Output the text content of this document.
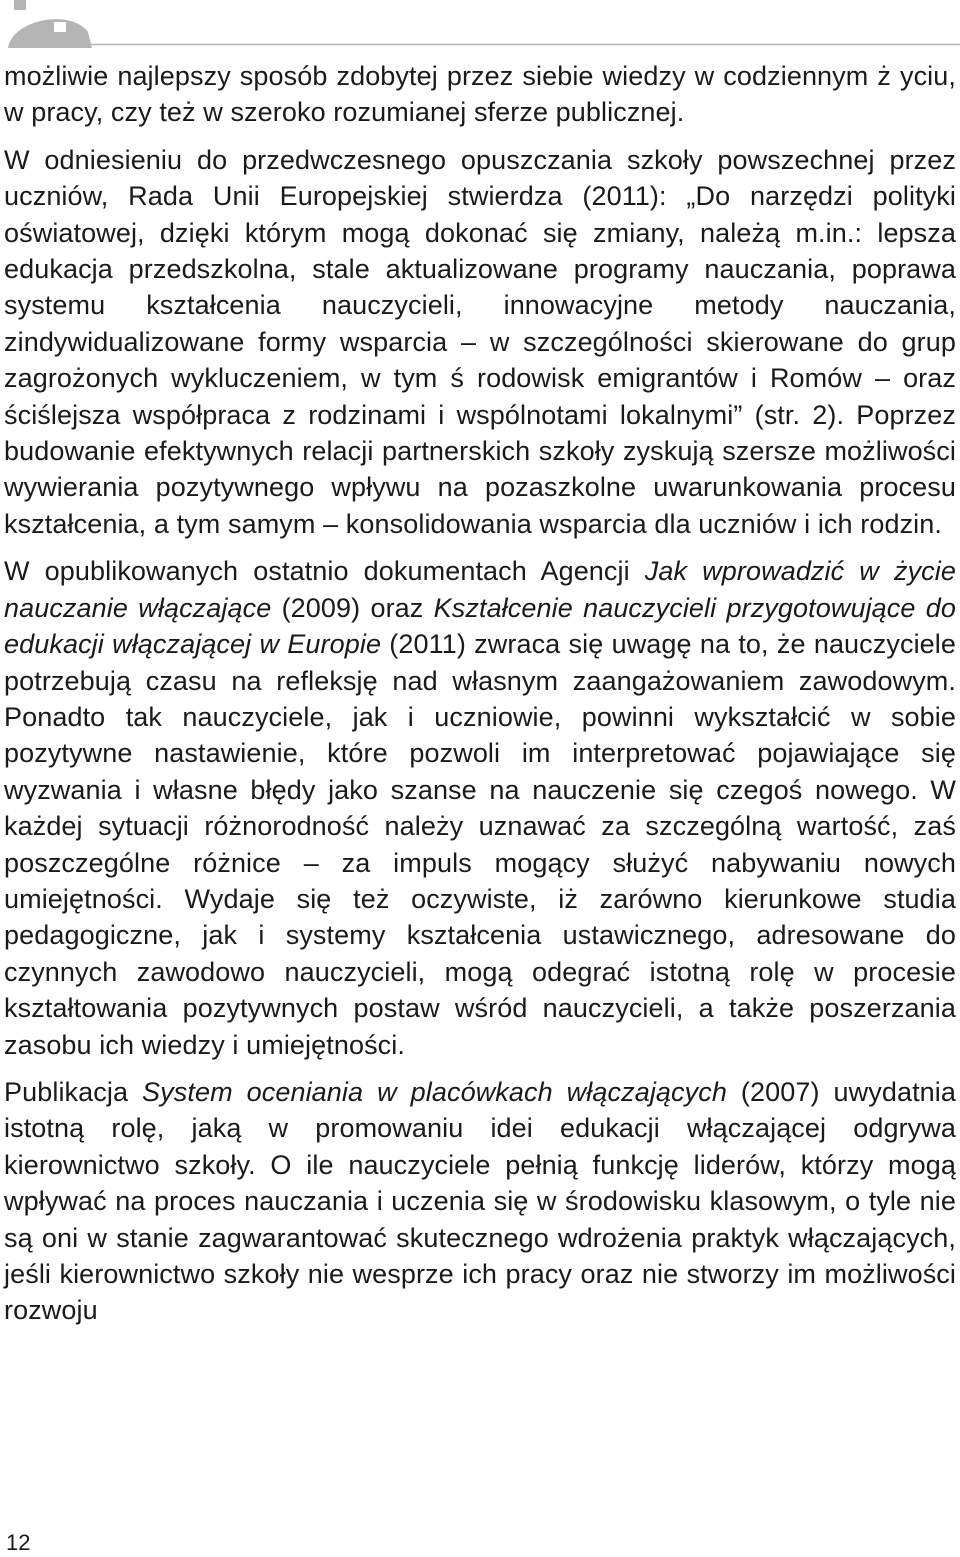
możliwie najlepszy sposób zdobytej przez siebie wiedzy w codziennym ż yciu, w pracy, czy też w szeroko rozumianej sferze publicznej.

W odniesieniu do przedwczesnego opuszczania szkoły powszechnej przez uczniów, Rada Unii Europejskiej stwierdza (2011): „Do narzędzi polityki oświatowej, dzięki którym mogą dokonać się zmiany, należą m.in.: lepsza edukacja przedszkolna, stale aktualizowane programy nauczania, poprawa systemu kształcenia nauczycieli, innowacyjne metody nauczania, zindywidualizowane formy wsparcia – w szczególności skierowane do grup zagrożonych wykluczeniem, w tym ś rodowisk emigrantów i Romów – oraz ściślejsza współpraca z rodzinami i wspólnotami lokalnymi” (str. 2). Poprzez budowanie efektywnych relacji partnerskich szkoły zyskują szersze możliwości wywierania pozytywnego wpływu na pozaszkolne uwarunkowania procesu kształcenia, a tym samym – konsolidowania wsparcia dla uczniów i ich rodzin.

W opublikowanych ostatnio dokumentach Agencji Jak wprowadzić w życie nauczanie włączające (2009) oraz Kształcenie nauczycieli przygotowujące do edukacji włączającej w Europie (2011) zwraca się uwagę na to, że nauczyciele potrzebują czasu na refleksję nad własnym zaangażowaniem zawodowym. Ponadto tak nauczyciele, jak i uczniowie, powinni wykształcić w sobie pozytywne nastawienie, które pozwoli im interpretować pojawiające się wyzwania i własne błędy jako szanse na nauczenie się czegoś nowego. W każdej sytuacji różnorodność należy uznawać za szczególną wartość, zaś poszczególne różnice – za impuls mogący służyć nabywaniu nowych umiejętności. Wydaje się też oczywiste, iż zarówno kierunkowe studia pedagogiczne, jak i systemy kształcenia ustawicznego, adresowane do czynnych zawodowo nauczycieli, mogą odegrać istotną rolę w procesie kształtowania pozytywnych postaw wśród nauczycieli, a także poszerzania zasobu ich wiedzy i umiejętności.

Publikacja System oceniania w placówkach włączających (2007) uwydatnia istotną rolę, jaką w promowaniu idei edukacji włączającej odgrywa kierownictwo szkoły. O ile nauczyciele pełnią funkcję liderów, którzy mogą wpływać na proces nauczania i uczenia się w środowisku klasowym, o tyle nie są oni w stanie zagwarantować skutecznego wdrożenia praktyk włączających, jeśli kierownictwo szkoły nie wesprze ich pracy oraz nie stworzy im możliwości rozwoju

12
